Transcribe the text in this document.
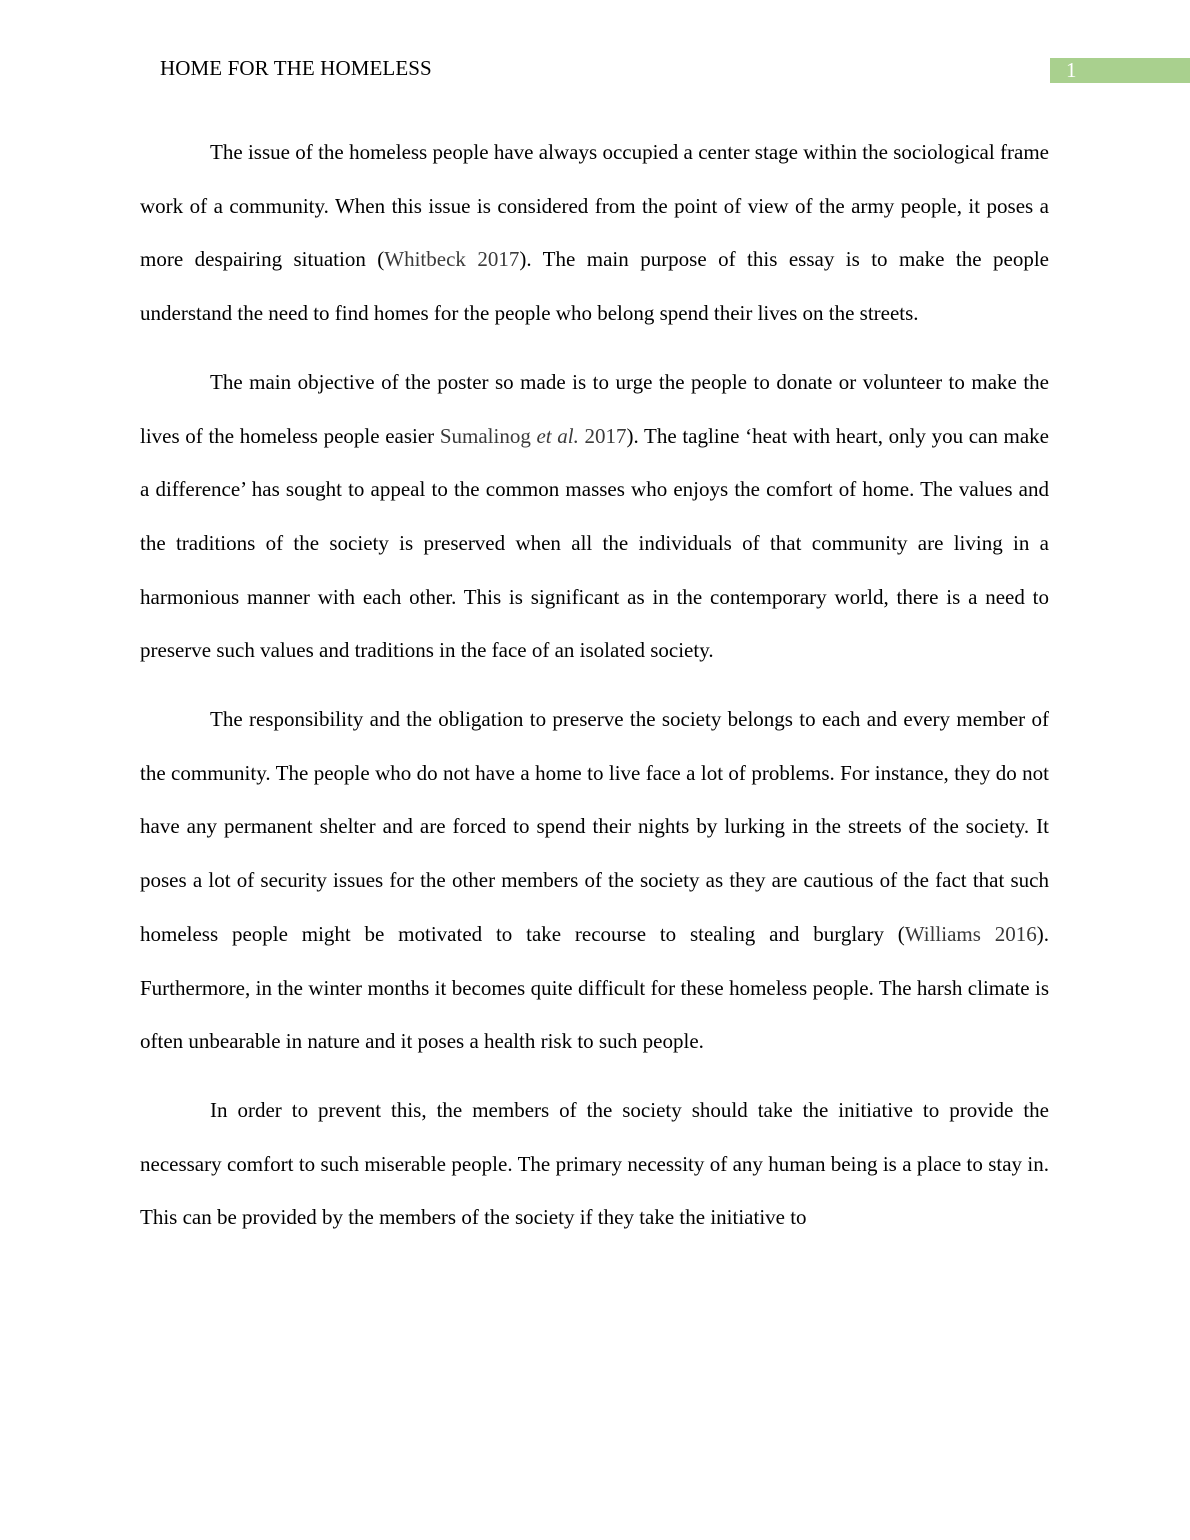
HOME FOR THE HOMELESS	1

The issue of the homeless people have always occupied a center stage within the sociological frame work of a community. When this issue is considered from the point of view of the army people, it poses a more despairing situation (Whitbeck 2017). The main purpose of this essay is to make the people understand the need to find homes for the people who belong spend their lives on the streets.

The main objective of the poster so made is to urge the people to donate or volunteer to make the lives of the homeless people easier Sumalinog et al. 2017). The tagline ‘heat with heart, only you can make a difference’ has sought to appeal to the common masses who enjoys the comfort of home. The values and the traditions of the society is preserved when all the individuals of that community are living in a harmonious manner with each other. This is significant as in the contemporary world, there is a need to preserve such values and traditions in the face of an isolated society.

The responsibility and the obligation to preserve the society belongs to each and every member of the community. The people who do not have a home to live face a lot of problems. For instance, they do not have any permanent shelter and are forced to spend their nights by lurking in the streets of the society. It poses a lot of security issues for the other members of the society as they are cautious of the fact that such homeless people might be motivated to take recourse to stealing and burglary (Williams 2016). Furthermore, in the winter months it becomes quite difficult for these homeless people. The harsh climate is often unbearable in nature and it poses a health risk to such people.

In order to prevent this, the members of the society should take the initiative to provide the necessary comfort to such miserable people. The primary necessity of any human being is a place to stay in. This can be provided by the members of the society if they take the initiative to
